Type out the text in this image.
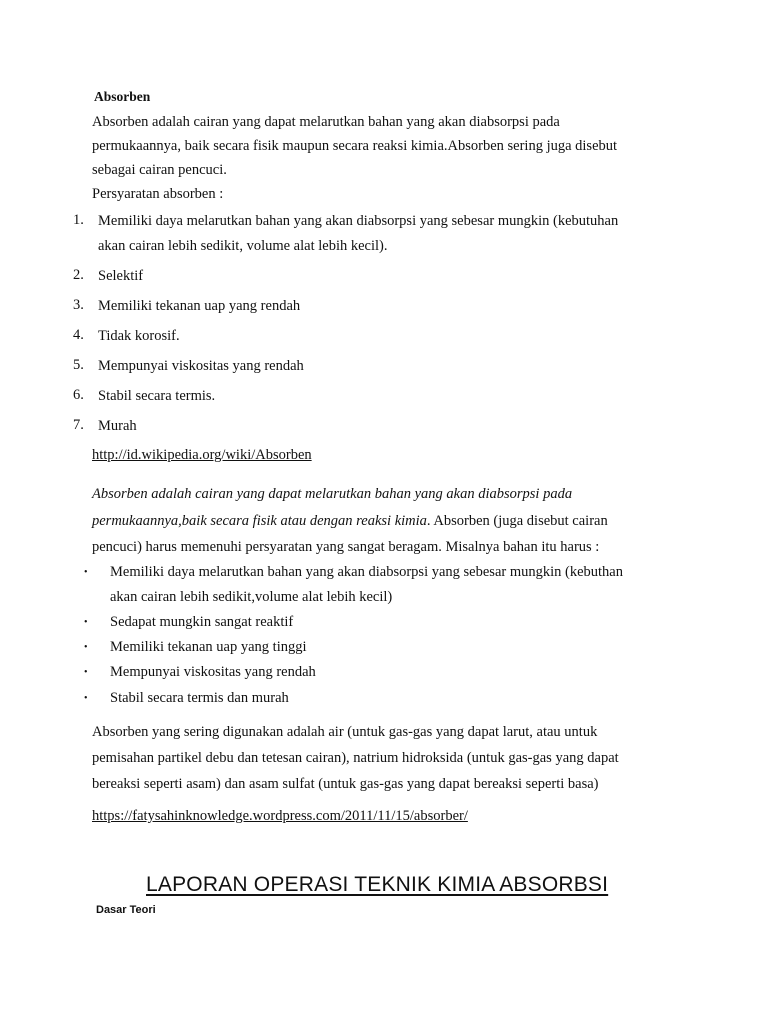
Absorben
Absorben adalah cairan yang dapat melarutkan bahan yang akan diabsorpsi pada
permukaannya, baik secara fisik maupun secara reaksi kimia.Absorben sering juga disebut
sebagai cairan pencuci.
Persyaratan absorben :
1. Memiliki daya melarutkan bahan yang akan diabsorpsi yang sebesar mungkin (kebutuhan
akan cairan lebih sedikit, volume alat lebih kecil).
2. Selektif
3. Memiliki tekanan uap yang rendah
4. Tidak korosif.
5. Mempunyai viskositas yang rendah
6. Stabil secara termis.
7. Murah
http://id.wikipedia.org/wiki/Absorben
Absorben adalah cairan yang dapat melarutkan bahan yang akan diabsorpsi pada
permukaannya,baik secara fisik atau dengan reaksi kimia. Absorben (juga disebut cairan
pencuci) harus memenuhi persyaratan yang sangat beragam. Misalnya bahan itu harus :
• Memiliki daya melarutkan bahan yang akan diabsorpsi yang sebesar mungkin (kebuthan
akan cairan lebih sedikit,volume alat lebih kecil)
• Sedapat mungkin sangat reaktif
• Memiliki tekanan uap yang tinggi
• Mempunyai viskositas yang rendah
• Stabil secara termis dan murah
Absorben yang sering digunakan adalah air (untuk gas-gas yang dapat larut, atau untuk
pemisahan partikel debu dan tetesan cairan), natrium hidroksida (untuk gas-gas yang dapat
bereaksi seperti asam) dan asam sulfat (untuk gas-gas yang dapat bereaksi seperti basa)
https://fatysahinknowledge.wordpress.com/2011/11/15/absorber/
LAPORAN OPERASI TEKNIK KIMIA ABSORBSI
Dasar Teori
